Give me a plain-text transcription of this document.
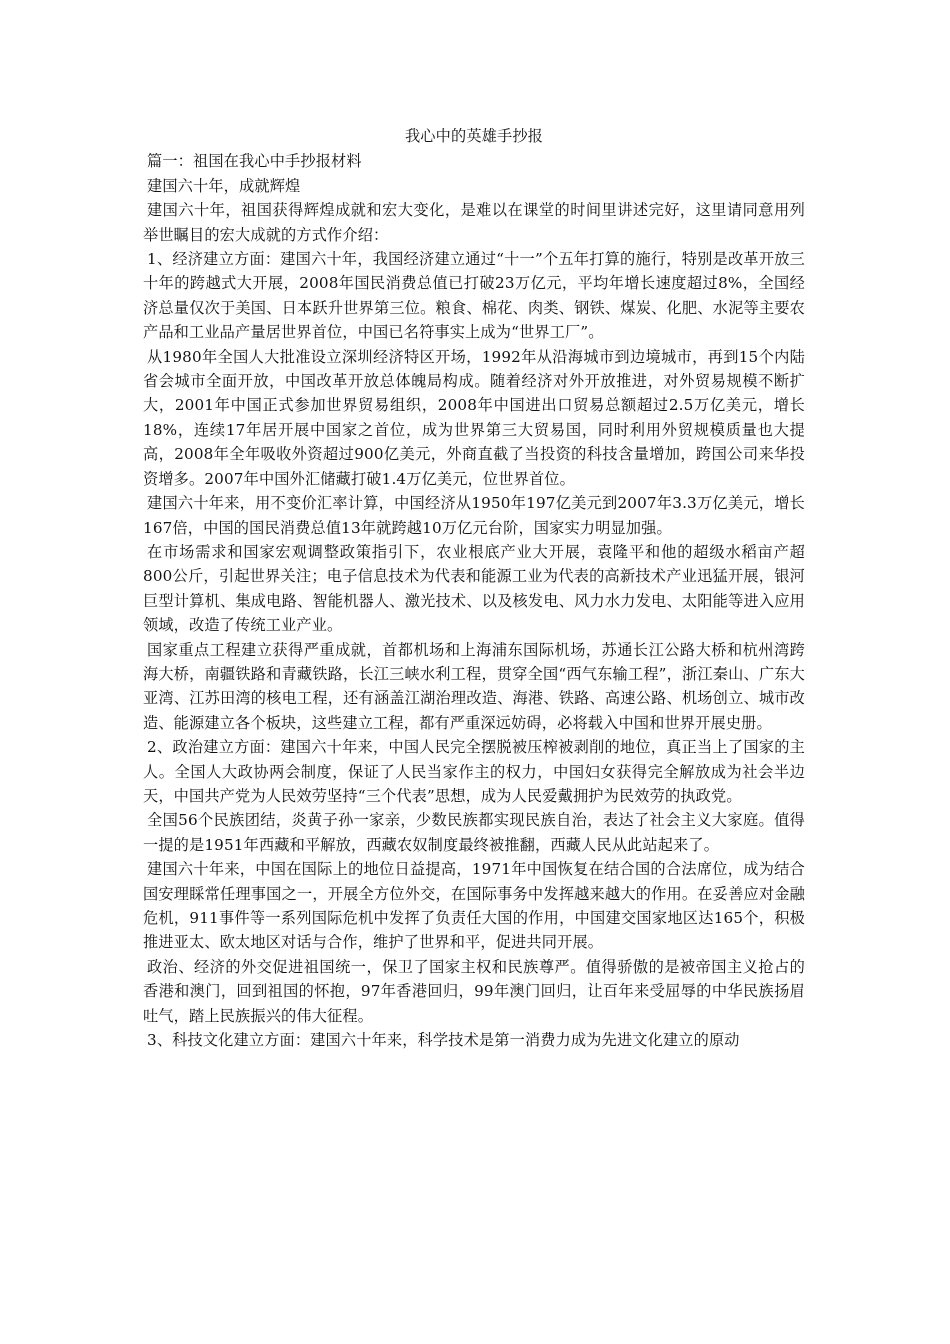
我心中的英雄手抄报

篇一：祖国在我心中手抄报材料

建国六十年，成就辉煌

建国六十年，祖国获得辉煌成就和宏大变化，是难以在课堂的时间里讲述完好，这里请同意用列举世瞩目的宏大成就的方式作介绍：

1、经济建立方面：建国六十年，我国经济建立通过“十一”个五年打算的施行，特别是改革开放三十年的跨越式大开展，2008年国民消费总值已打破23万亿元，平均年增长速度超过8%，全国经济总量仅次于美国、日本跃升世界第三位。粮食、棉花、肉类、钢铁、煤炭、化肥、水泥等主要农产品和工业品产量居世界首位，中国已名符事实上成为“世界工厂”。

从1980年全国人大批准设立深圳经济特区开场，1992年从沿海城市到边境城市，再到15个内陆省会城市全面开放，中国改革开放总体魄局构成。随着经济对外开放推进，对外贸易规模不断扩大，2001年中国正式参加世界贸易组织，2008年中国进出口贸易总额超过2.5万亿美元，增长18%，连续17年居开展中国家之首位，成为世界第三大贸易国，同时利用外贸规模质量也大提高，2008年全年吸收外资超过900亿美元，外商直截了当投资的科技含量增加，跨国公司来华投资增多。2007年中国外汇储藏打破1.4万亿美元，位世界首位。

建国六十年来，用不变价汇率计算，中国经济从1950年197亿美元到2007年3.3万亿美元，增长167倍，中国的国民消费总值13年就跨越10万亿元台阶，国家实力明显加强。

在市场需求和国家宏观调整政策指引下，农业根底产业大开展，袁隆平和他的超级水稻亩产超800公斤，引起世界关注；电子信息技术为代表和能源工业为代表的高新技术产业迅猛开展，银河巨型计算机、集成电路、智能机器人、激光技术、以及核发电、风力水力发电、太阳能等进入应用领域，改造了传统工业产业。

国家重点工程建立获得严重成就，首都机场和上海浦东国际机场，苏通长江公路大桥和杭州湾跨海大桥，南疆铁路和青藏铁路，长江三峡水利工程，贯穿全国“西气东输工程”，浙江秦山、广东大亚湾、江苏田湾的核电工程，还有涵盖江湖治理改造、海港、铁路、高速公路、机场创立、城市改造、能源建立各个板块，这些建立工程，都有严重深远妨碍，必将载入中国和世界开展史册。

2、政治建立方面：建国六十年来，中国人民完全摆脱被压榨被剥削的地位，真正当上了国家的主人。全国人大政协两会制度，保证了人民当家作主的权力，中国妇女获得完全解放成为社会半边天，中国共产党为人民效劳坚持“三个代表”思想，成为人民爱戴拥护为民效劳的执政党。

全国56个民族团结，炎黄子孙一家亲，少数民族都实现民族自治，表达了社会主义大家庭。值得一提的是1951年西藏和平解放，西藏农奴制度最终被推翻，西藏人民从此站起来了。

建国六十年来，中国在国际上的地位日益提高，1971年中国恢复在结合国的合法席位，成为结合国安理睬常任理事国之一，开展全方位外交，在国际事务中发挥越来越大的作用。在妥善应对金融危机，911事件等一系列国际危机中发挥了负责任大国的作用，中国建交国家地区达165个，积极推进亚太、欧太地区对话与合作，维护了世界和平，促进共同开展。

政治、经济的外交促进祖国统一，保卫了国家主权和民族尊严。值得骄傲的是被帝国主义抢占的香港和澳门，回到祖国的怀抱，97年香港回归，99年澳门回归，让百年来受屈辱的中华民族扬眉吐气，踏上民族振兴的伟大征程。

3、科技文化建立方面：建国六十年来，科学技术是第一消费力成为先进文化建立的原动
